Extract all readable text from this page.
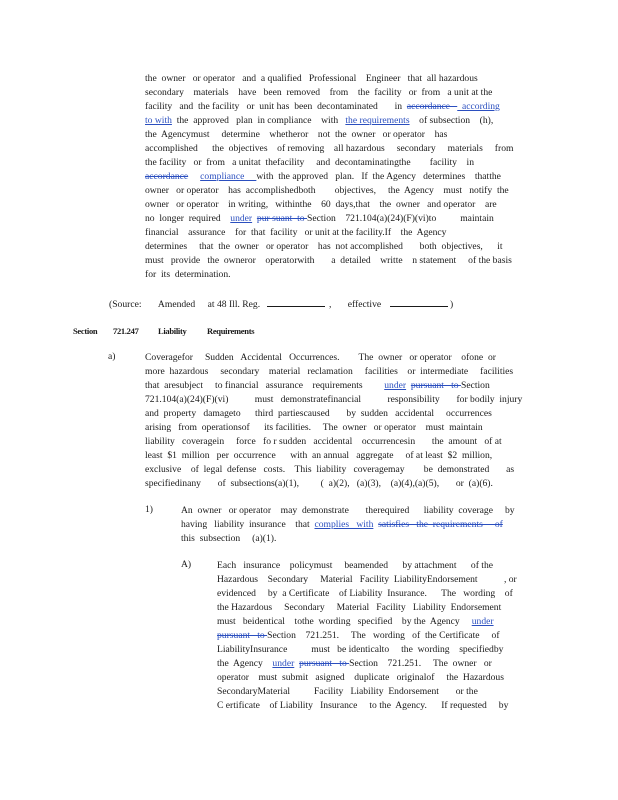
the  owner   or operator   and  a qualified   Professional    Engineer   that  all hazardous
secondary    materials    have   been  removed    from    the  facility   or  from   a unit at the
facility   and  the facility   or  unit has  been  decontaminated       in  accordance     according
to with  the  approved   plan  in compliance    with   the requirements    of subsection    (h),
the  Agencymust     determine    whetheror    not  the  owner   or operator    has
accomplished      the  objectives    of removing    all hazardous     secondary     materials     from
the facility   or  from   a unitat  thefacility     and  decontaminatingthe        facility    in
accordance compliance     with  the approved   plan.   If  the Agency   determines    thatthe
owner   or operator    has  accomplishedboth        objectives,     the  Agency    must   notify  the
owner   or operator    in writing,   withinthe    60  days,that    the  owner   and operator    are
no  longer  required    under pur suant  to Section    721.104(a)(24)(F)(vi)to          maintain
financial    assurance    for  that  facility   or unit at the facility.If    the  Agency
determines     that  the  owner   or operator    has  not accomplished       both  objectives,      it
must   provide   the  owneror    operatorwith       a  detailed    writte    n statement     of the basis
for  its  determination.
(Source: Amended at 48 Ill. Reg.	, effective	)
Section 721.247 Liability Requirements
a)	Coveragefor     Sudden   Accidental   Occurrences.        The  owner   or operator    ofone  or
more  hazardous     secondary    material   reclamation     facilities    or  intermediate     facilities
that  aresubject     to financial   assurance    requirements         under pursuant   to Section
721.104(a)(24)(F)(vi)           must   demonstratefinancial           responsibility       for bodily  injury
and  property   damageto      third  partiescaused       by  sudden   accidental     occurrences
arising   from  operationsof      its facilities.     The  owner   or operator    must  maintain
liability   coveragein     force   fo r sudden   accidental    occurrencesin       the  amount   of at
least  $1  million   per  occurrence      with  an annual   aggregate     of at least  $2  million,
exclusive    of  legal  defense   costs.    This  liability   coveragemay        be  demonstrated       as
specifiedinany       of  subsections(a)(1),         (  a)(2),   (a)(3),    (a)(4),(a)(5),       or  (a)(6).
1)	An  owner   or operator    may  demonstrate       therequired      liability  coverage     by
having   liability  insurance    that  complies   with satisfies   the  requirements     of
this  subsection     (a)(1).
A)	Each   insurance    policymust     beamended      by attachment      of the
Hazardous    Secondary     Material   Facility  LiabilityEndorsement           , or
evidenced     by  a Certificate    of Liability  Insurance.      The   wording    of
the Hazardous     Secondary     Material   Facility   Liability  Endorsement
must   beidentical    tothe  wording   specified    by the  Agency     under
pursuant   to Section    721.251.     The   wording   of  the Certificate     of
LiabilityInsurance          must   be identicalto     the  wording    specifiedby
the  Agency    under pursuant   to Section    721.251.     The  owner   or
operator    must  submit   asigned    duplicate   originalof     the  Hazardous
SecondaryMaterial          Facility   Liability  Endorsement       or the
C ertificate    of Liability   Insurance     to the  Agency.      If requested     by
